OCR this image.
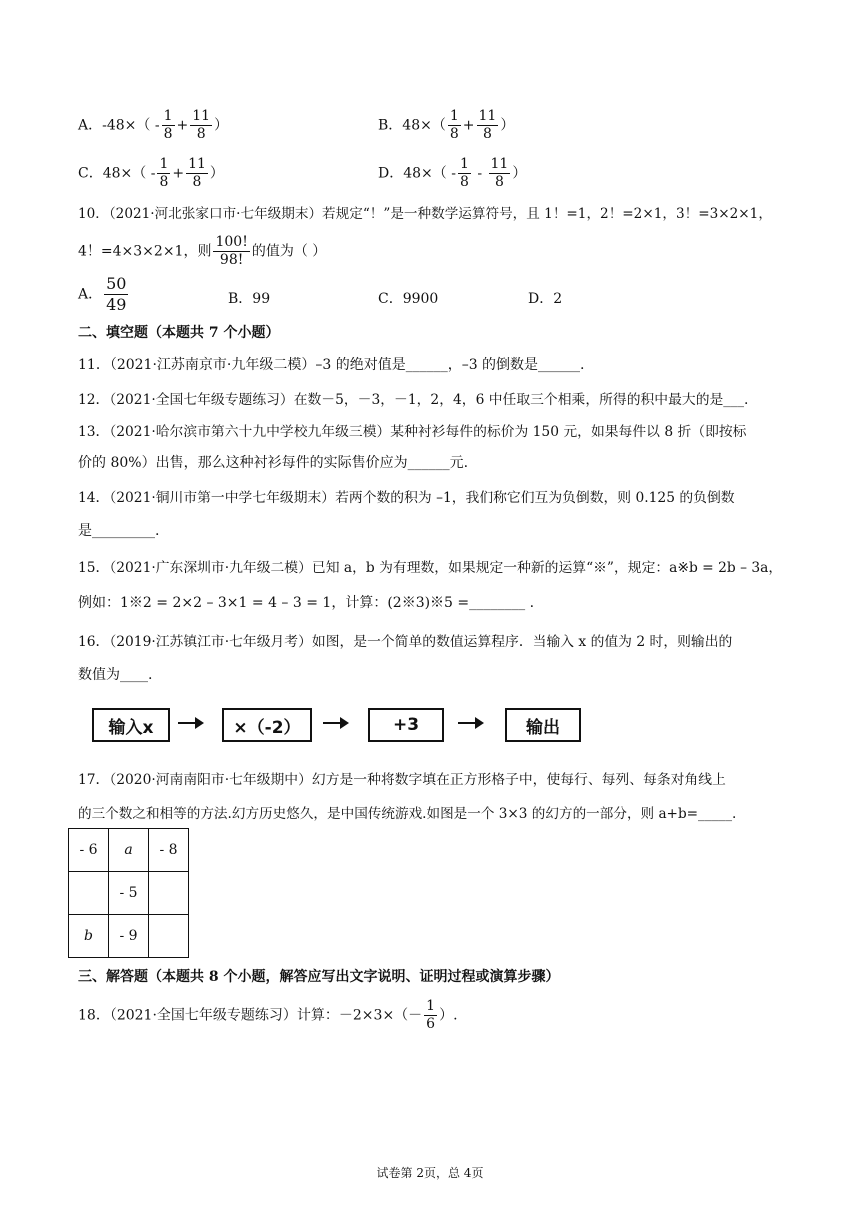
A．$-48\times( - \frac{1}{8} + \frac{11}{8}$ ）	B．$48\times( \frac{1}{8} + \frac{11}{8}$ ）
C．$48\times( - \frac{1}{8} + \frac{11}{8}$ ）	D．$48\times( - \frac{1}{8} - \frac{11}{8}$ ）
10．（2021·河北张家口市·七年级期末）若规定“！”是一种数学运算符号，且 1！=1，2！=2×1，3！=3×2×1，
4！=4×3×2×1，则 $\frac{100!}{98!}$ 的值为（ ）
A． $\frac{50}{49}$	B．99	C．9900	D．2
二、填空题（本题共 7 个小题）
11．（2021·江苏南京市·九年级二模）–3 的绝对值是______，–3 的倒数是______.
12．（2021·全国七年级专题练习）在数－5，－3，－1，2，4，6 中任取三个相乘，所得的积中最大的是___.
13．（2021·哈尔滨市第六十九中学校九年级三模）某种衬衫每件的标价为 150 元，如果每件以 8 折（即按标
价的 80%）出售，那么这种衬衫每件的实际售价应为______元.
14．（2021·铜川市第一中学七年级期末）若两个数的积为 –1，我们称它们互为负倒数，则 0.125 的负倒数
是_________.
15．（2021·广东深圳市·九年级二模）已知 a，b 为有理数，如果规定一种新的运算“※”，规定：a※b = 2b – 3a，
例如：1※2 = 2×2 – 3×1 = 4 – 3 = 1，计算：(2※3)※5 =________ .
16．（2019·江苏镇江市·七年级月考）如图，是一个简单的数值运算程序．当输入 x 的值为 2 时，则输出的
数值为____.
输入x	×（-2）	+3	输出
17．（2020·河南南阳市·七年级期中）幻方是一种将数字填在正方形格子中，使每行、每列、每条对角线上
的三个数之和相等的方法.幻方历史悠久，是中国传统游戏.如图是一个 3×3 的幻方的一部分，则 a+b=_____.
- 6	a	- 8
	- 5	
b	- 9	
三、解答题（本题共 8 个小题，解答应写出文字说明、证明过程或演算步骤）
18．（2021·全国七年级专题练习）计算：$-2\times 3\times(- \frac{1}{6}$ ）.
试卷第 2页，总 4页
